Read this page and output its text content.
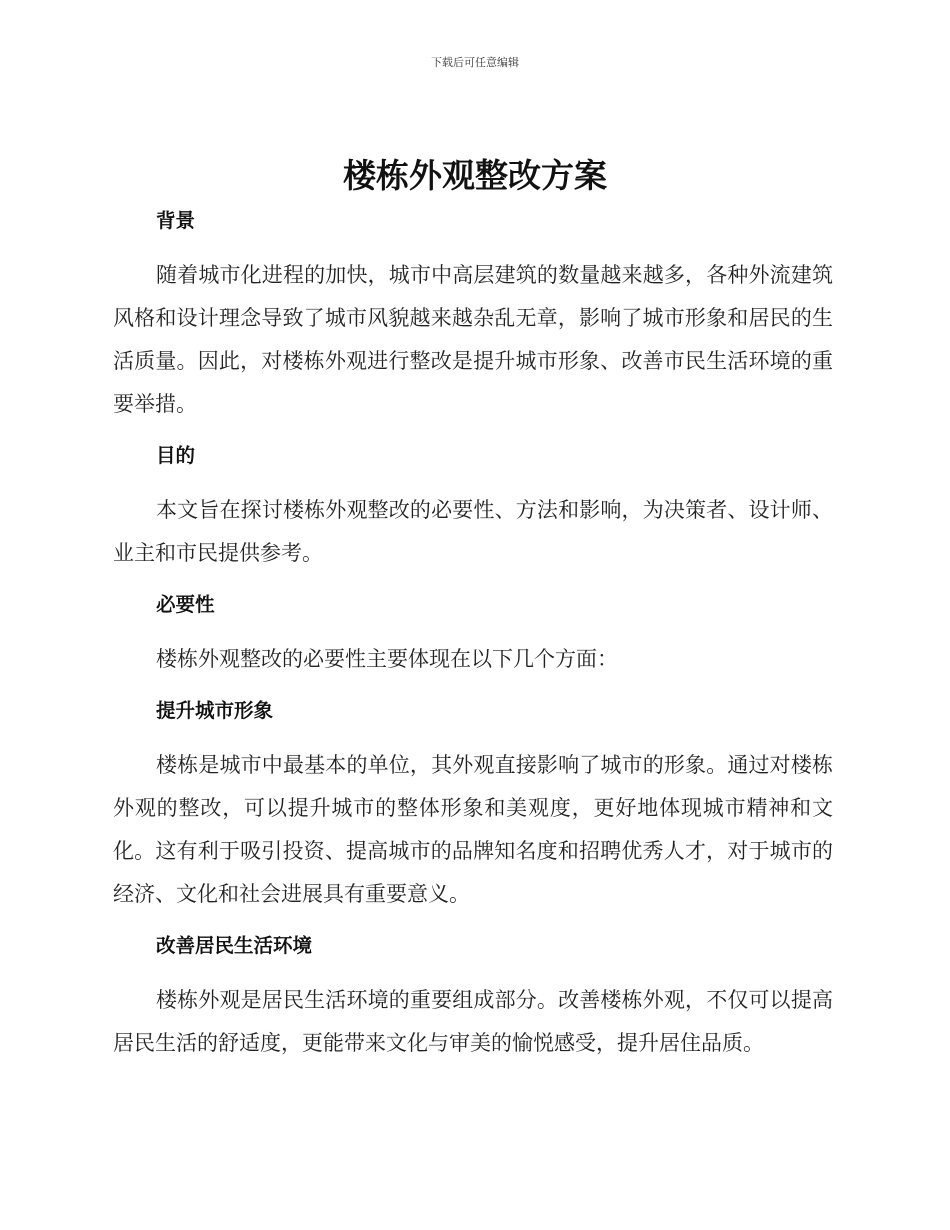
下载后可任意编辑
楼栋外观整改方案
背景

随着城市化进程的加快，城市中高层建筑的数量越来越多，各种外流建筑风格和设计理念导致了城市风貌越来越杂乱无章，影响了城市形象和居民的生活质量。因此，对楼栋外观进行整改是提升城市形象、改善市民生活环境的重要举措。

目的

本文旨在探讨楼栋外观整改的必要性、方法和影响，为决策者、设计师、业主和市民提供参考。

必要性

楼栋外观整改的必要性主要体现在以下几个方面：

提升城市形象

楼栋是城市中最基本的单位，其外观直接影响了城市的形象。通过对楼栋外观的整改，可以提升城市的整体形象和美观度，更好地体现城市精神和文化。这有利于吸引投资、提高城市的品牌知名度和招聘优秀人才，对于城市的经济、文化和社会进展具有重要意义。

改善居民生活环境

楼栋外观是居民生活环境的重要组成部分。改善楼栋外观，不仅可以提高居民生活的舒适度，更能带来文化与审美的愉悦感受，提升居住品质。
